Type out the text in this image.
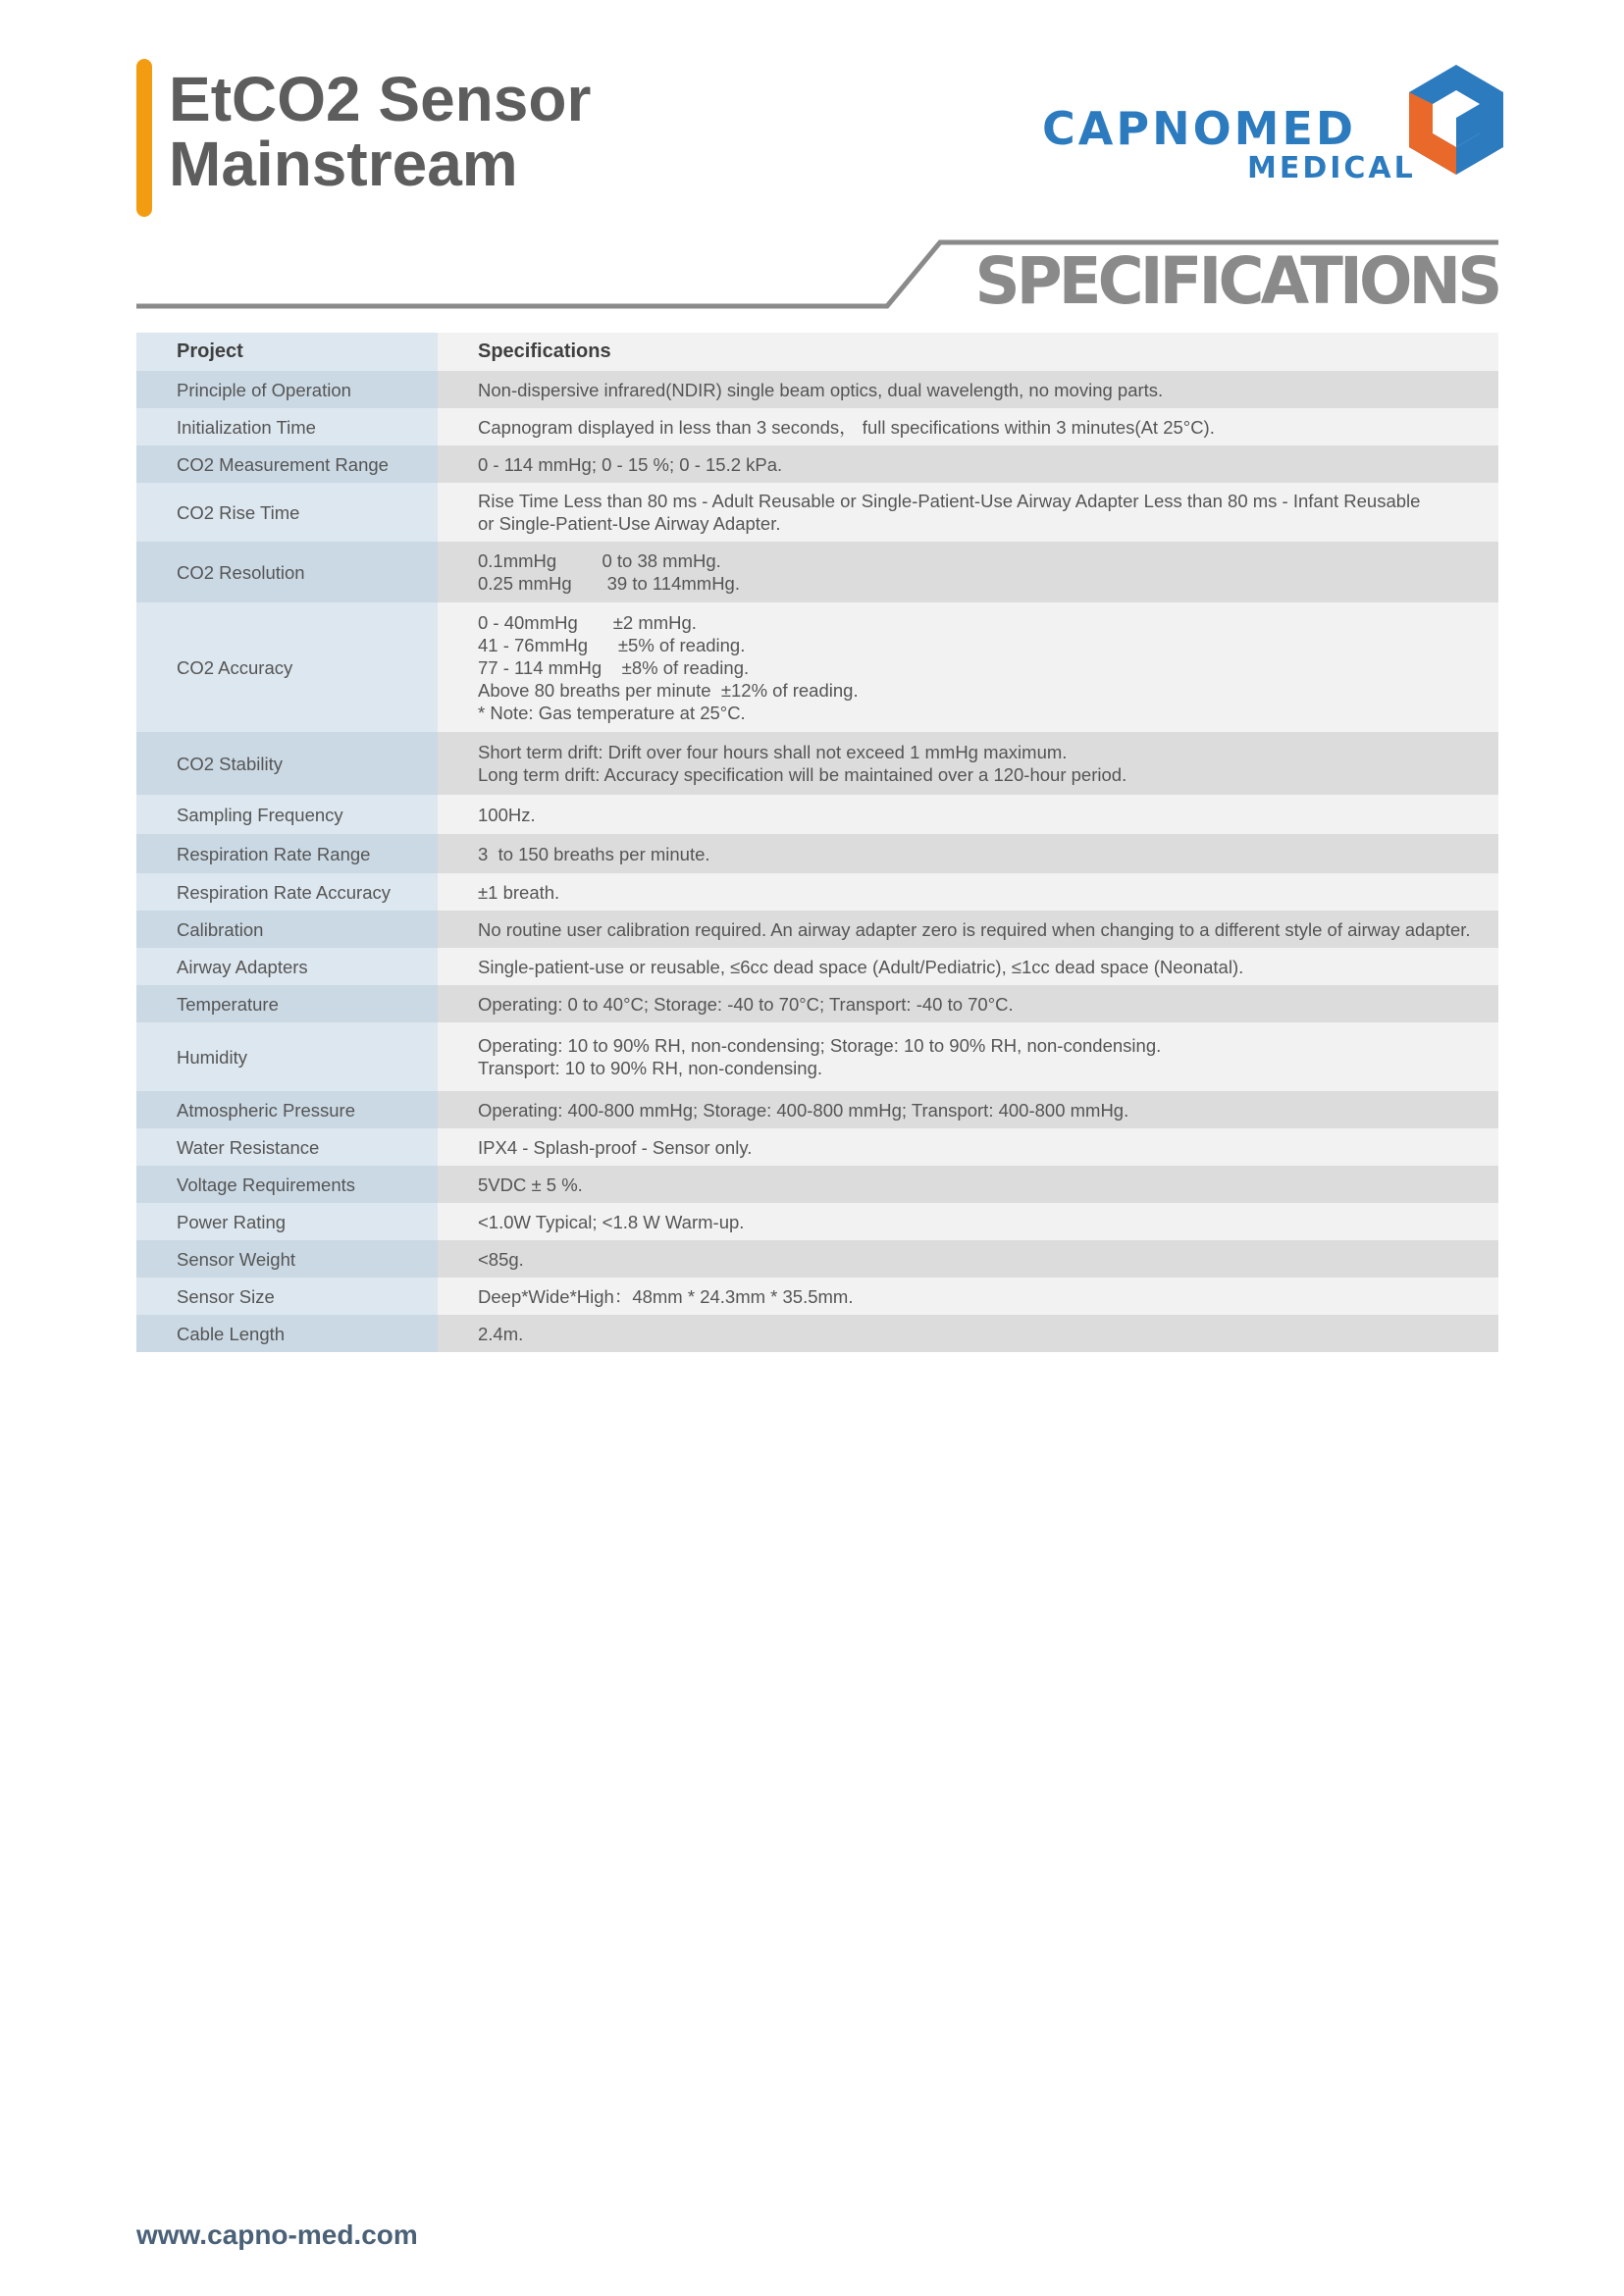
EtCO2 Sensor
Mainstream	CAPNOMED
MEDICAL
SPECIFICATIONS
Project	Specifications
Principle of Operation	Non-dispersive infrared(NDIR) single beam optics, dual wavelength, no moving parts.

Initialization Time	Capnogram displayed in less than 3 seconds， full specifications within 3 minutes(At 25°C).

CO2 Measurement Range	0 - 114 mmHg; 0 - 15 %; 0 - 15.2 kPa.

CO2 Rise Time	Rise Time Less than 80 ms - Adult Reusable or Single-Patient-Use Airway Adapter Less than 80 ms - Infant Reusable
or Single-Patient-Use Airway Adapter.

CO2 Resolution	0.1mmHg         0 to 38 mmHg.
0.25 mmHg       39 to 114mmHg.

CO2 Accuracy	0 - 40mmHg       ±2 mmHg.
41 - 76mmHg      ±5% of reading.
77 - 114 mmHg    ±8% of reading.
Above 80 breaths per minute  ±12% of reading.
* Note: Gas temperature at 25°C.

CO2 Stability	Short term drift: Drift over four hours shall not exceed 1 mmHg maximum.
Long term drift: Accuracy specification will be maintained over a 120-hour period.

Sampling Frequency	100Hz.

Respiration Rate Range	3  to 150 breaths per minute.

Respiration Rate Accuracy	±1 breath.

Calibration	No routine user calibration required. An airway adapter zero is required when changing to a different style of airway adapter.

Airway Adapters	Single-patient-use or reusable, ≤6cc dead space (Adult/Pediatric), ≤1cc dead space (Neonatal).

Temperature	Operating: 0 to 40°C; Storage: -40 to 70°C; Transport: -40 to 70°C.

Humidity	Operating: 10 to 90% RH, non-condensing; Storage: 10 to 90% RH, non-condensing.
Transport: 10 to 90% RH, non-condensing.

Atmospheric Pressure	Operating: 400-800 mmHg; Storage: 400-800 mmHg; Transport: 400-800 mmHg.

Water Resistance	IPX4 - Splash-proof - Sensor only.

Voltage Requirements	5VDC ± 5 %.

Power Rating	<1.0W Typical; <1.8 W Warm-up.

Sensor Weight	<85g.

Sensor Size	Deep*Wide*High：48mm * 24.3mm * 35.5mm.

Cable Length	2.4m.
www.capno-med.com
